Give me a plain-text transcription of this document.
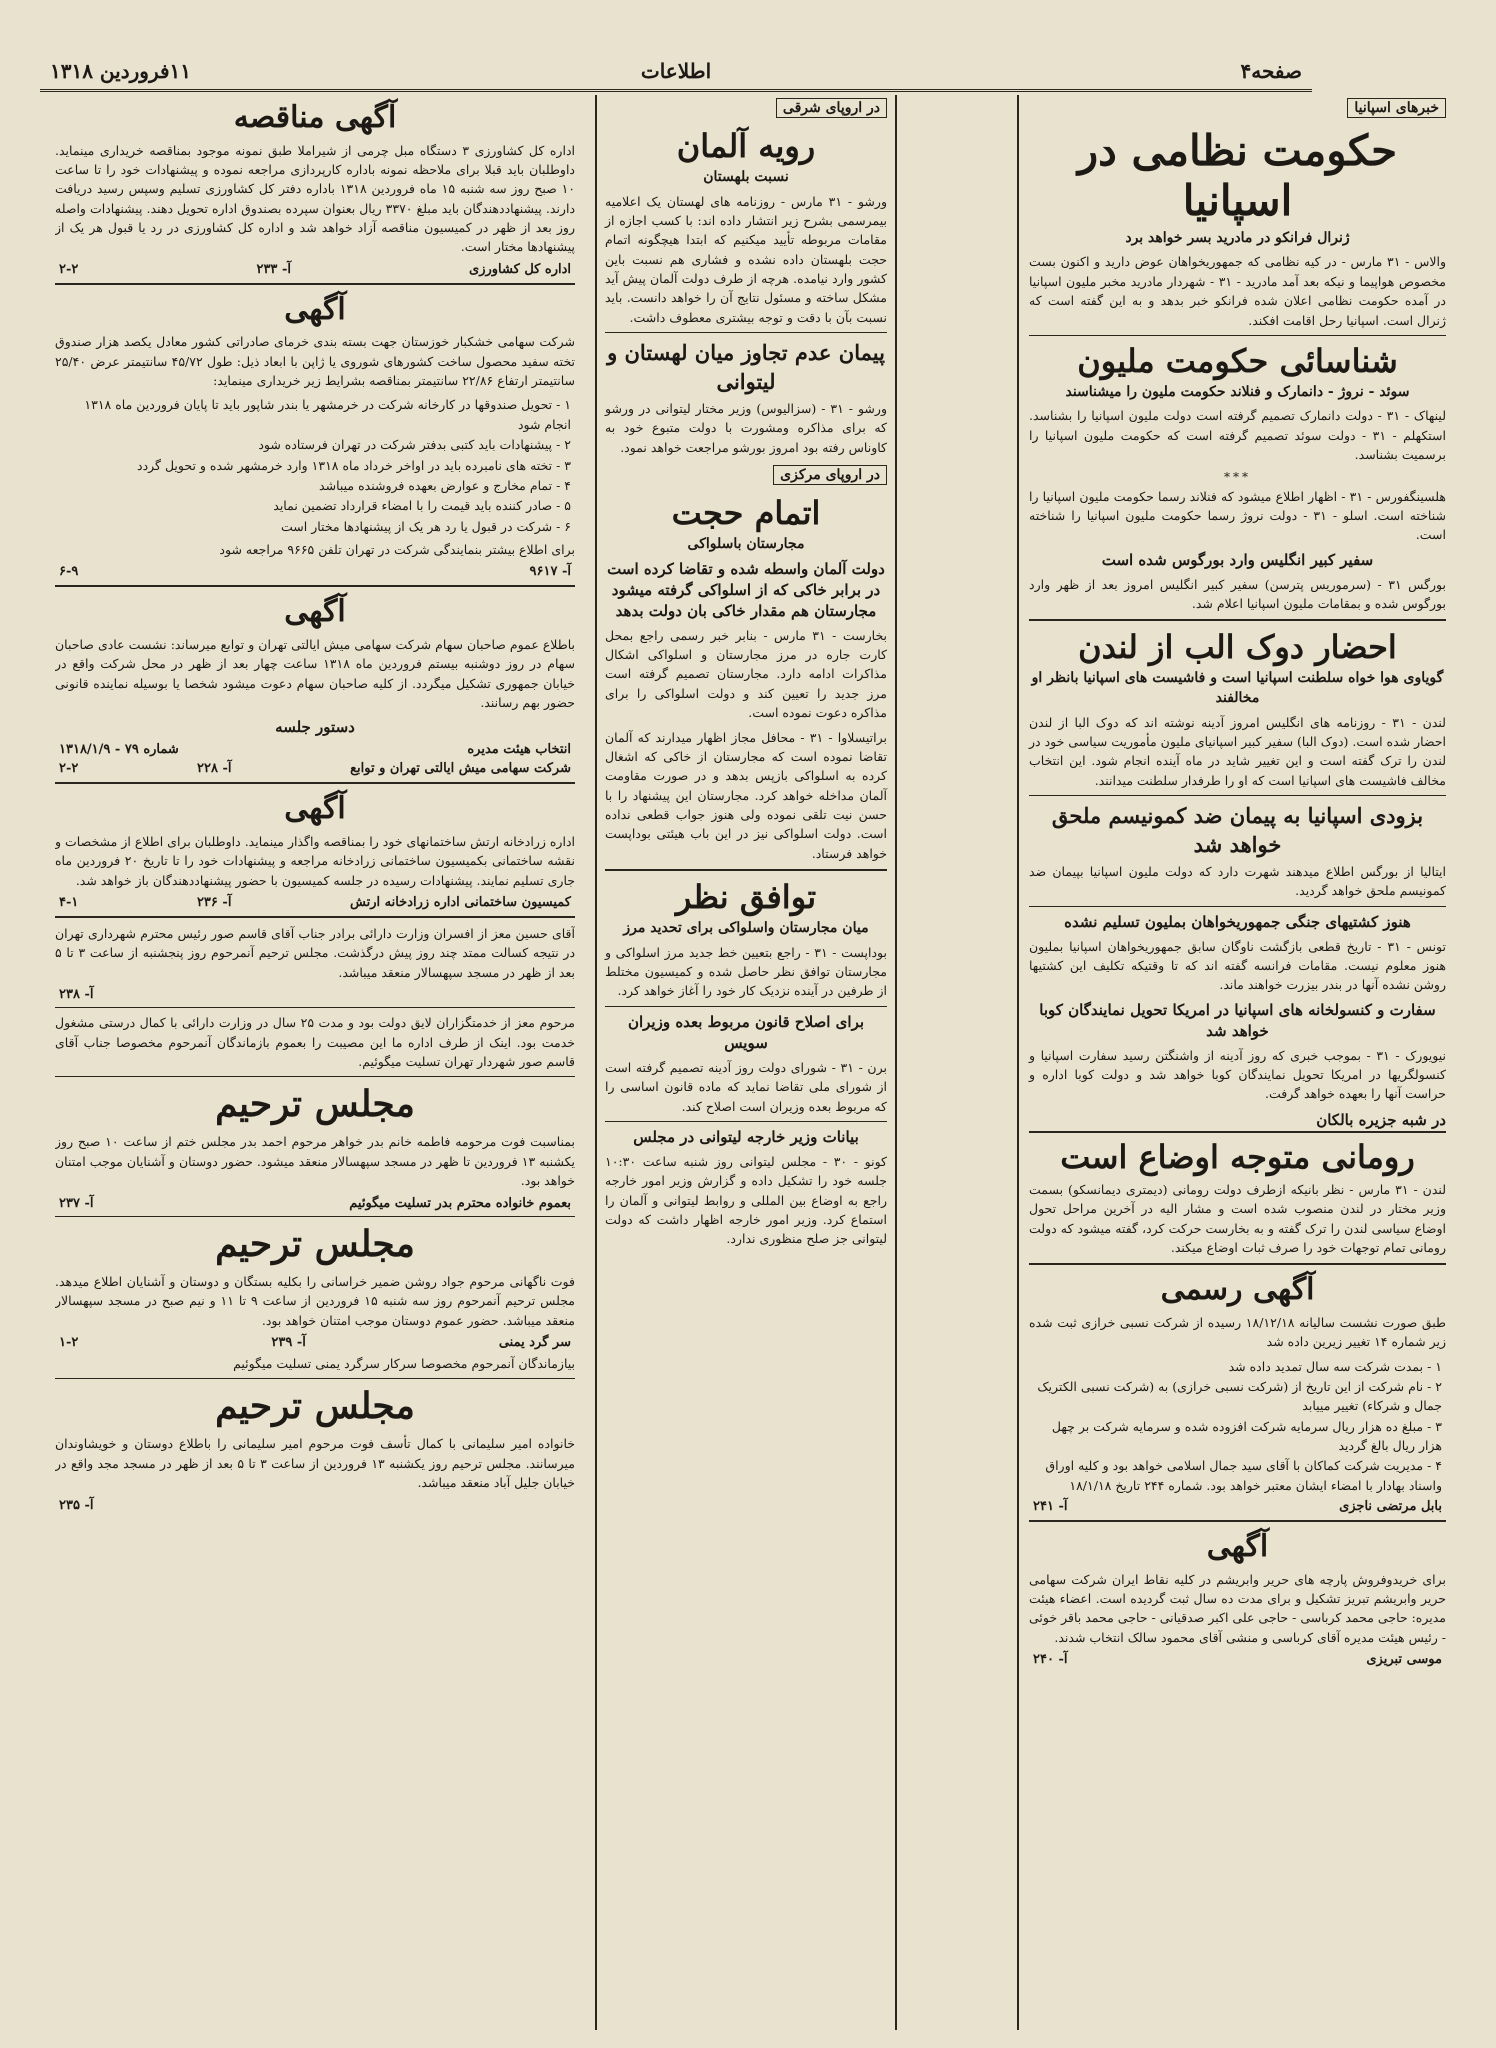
صفحه۴
اطلاعات
۱۱فروردین ۱۳۱۸
خبرهای اسپانیا
حکومت نظامی در اسپانیا
ژنرال فرانکو در مادرید بسر خواهد برد
والاس - ۳۱ مارس - در کیه نظامی که جمهوریخواهان عوض دارید و اکنون بست مخصوص هواپیما و نیکه بعد آمد مادرید - ۳۱ - شهردار مادرید مخبر ملیون اسپانیا در آمده حکومت نظامی اعلان شده فرانکو خبر بدهد و به این گفته است که ژنرال است. اسپانیا رحل اقامت افکند.
شناسائی حکومت ملیون
سوئد - نروژ - دانمارک و فنلاند حکومت ملیون را میشناسند
لینهاک - ۳۱ - دولت دانمارک تصمیم گرفته است دولت ملیون اسپانیا را بشناسد. استکهلم - ۳۱ - دولت سوئد تصمیم گرفته است که حکومت ملیون اسپانیا را برسمیت بشناسد.
***
هلسینگفورس - ۳۱ - اظهار اطلاع میشود که فنلاند رسما حکومت ملیون اسپانیا را شناخته است. اسلو - ۳۱ - دولت نروژ رسما حکومت ملیون اسپانیا را شناخته است.
سفیر کبیر انگلیس وارد بورگوس شده است
بورگس ۳۱ - (سرموریس پترسن) سفیر کبیر انگلیس امروز بعد از ظهر وارد بورگوس شده و بمقامات ملیون اسپانیا اعلام شد.
احضار دوک الب از لندن
گویاوی هوا خواه سلطنت اسپانیا است و فاشیست های اسپانیا بانظر او مخالفند
لندن - ۳۱ - روزنامه های انگلیس امروز آدینه نوشته اند که دوک البا از لندن احضار شده است. (دوک البا) سفیر کبیر اسپانیای ملیون مأموریت سیاسی خود در لندن را ترک گفته است و این تغییر شاید در ماه آینده انجام شود. این انتخاب مخالف فاشیست های اسپانیا است که او را طرفدار سلطنت میدانند.
بزودی اسپانیا به پیمان ضد کمونیسم ملحق خواهد شد
ایتالیا از بورگس اطلاع میدهند شهرت دارد که دولت ملیون اسپانیا بپیمان ضد کمونیسم ملحق خواهد گردید.
هنوز کشتیهای جنگی جمهوریخواهان بملیون تسلیم نشده
تونس - ۳۱ - تاریخ قطعی بازگشت ناوگان سابق جمهوریخواهان اسپانیا بملیون هنوز معلوم نیست. مقامات فرانسه گفته اند که تا وقتیکه تکلیف این کشتیها روشن نشده آنها در بندر بیزرت خواهند ماند.
سفارت و کنسولخانه های اسپانیا در امریکا تحویل نمایندگان کوبا خواهد شد
نیویورک - ۳۱ - بموجب خبری که روز آدینه از واشنگتن رسید سفارت اسپانیا و کنسولگریها در امریکا تحویل نمایندگان کوبا خواهد شد و دولت کوبا اداره و حراست آنها را بعهده خواهد گرفت.
در شبه جزیره بالکان
رومانی متوجه اوضاع است
لندن - ۳۱ مارس - نظر بانیکه ازطرف دولت رومانی (دیمتری دیمانسکو) بسمت وزیر مختار در لندن منصوب شده است و مشار الیه در آخرین مراحل تحول اوضاع سیاسی لندن را ترک گفته و به بخارست حرکت کرد، گفته میشود که دولت رومانی تمام توجهات خود را صرف ثبات اوضاع میکند.
آگهی رسمی
طبق صورت نشست سالیانه ۱۸/۱۲/۱۸ رسیده از شرکت نسبی خرازی ثبت شده زیر شماره ۱۴ تغییر زیرین داده شد
۱ - بمدت شرکت سه سال تمدید داده شد
۲ - نام شرکت از این تاریخ از (شرکت نسبی خرازی) به (شرکت نسبی الکتریک جمال و شرکاء) تغییر مییابد
۳ - مبلغ ده هزار ریال سرمایه شرکت افزوده شده و سرمایه شرکت بر چهل هزار ریال بالغ گردید
۴ - مدیریت شرکت کماکان با آقای سید جمال اسلامی خواهد بود و کلیه اوراق واسناد بهادار با امضاء ایشان معتبر خواهد بود. شماره ۲۴۴ تاریخ ۱۸/۱/۱۸
بابل مرتضی ناجزی
آ- ۲۴۱
آگهی
برای خریدوفروش پارچه های حریر وابریشم در کلیه نقاط ایران شرکت سهامی حریر وابریشم تبریز تشکیل و برای مدت ده سال ثبت گردیده است. اعضاء هیئت مدیره: حاجی محمد کرباسی - حاجی علی اکبر صدقیانی - حاجی محمد باقر خوئی - رئیس هیئت مدیره آقای کرباسی و منشی آقای محمود سالک انتخاب شدند.
موسی تبریزی
آ- ۲۴۰
در اروپای شرقی
رویه آلمان
نسبت بلهستان
ورشو - ۳۱ مارس - روزنامه های لهستان یک اعلامیه بیمرسمی بشرح زیر انتشار داده اند: با کسب اجازه از مقامات مربوطه تأیید میکنیم که ابتدا هیچگونه اتمام حجت بلهستان داده نشده و فشاری هم نسبت باین کشور وارد نیامده. هرچه از طرف دولت آلمان پیش آید مشکل ساخته و مسئول نتایج آن را خواهد دانست. باید نسبت بآن با دقت و توجه بیشتری معطوف داشت.
پیمان عدم تجاوز میان لهستان و لیتوانی
ورشو - ۳۱ - (سزالیوس) وزیر مختار لیتوانی در ورشو که برای مذاکره ومشورت با دولت متبوع خود به کاوناس رفته بود امروز بورشو مراجعت خواهد نمود.
در اروپای مرکزی
اتمام حجت
مجارستان باسلواکی
دولت آلمان واسطه شده و تقاضا کرده است در برابر خاکی که از اسلواکی گرفته میشود مجارستان هم مقدار خاکی بان دولت بدهد
بخارست - ۳۱ مارس - بنابر خبر رسمی راجع بمحل کارت جاره در مرز مجارستان و اسلواکی اشکال مذاکرات ادامه دارد. مجارستان تصمیم گرفته است مرز جدید را تعیین کند و دولت اسلواکی را برای مذاکره دعوت نموده است.
براتیسلاوا - ۳۱ - محافل مجاز اظهار میدارند که آلمان تقاضا نموده است که مجارستان از خاکی که اشغال کرده به اسلواکی بازپس بدهد و در صورت مقاومت آلمان مداخله خواهد کرد. مجارستان این پیشنهاد را با حسن نیت تلقی نموده ولی هنوز جواب قطعی نداده است. دولت اسلواکی نیز در این باب هیئتی بوداپست خواهد فرستاد.
توافق نظر
میان مجارستان واسلواکی برای تحدید مرز
بوداپست - ۳۱ - راجع بتعیین خط جدید مرز اسلواکی و مجارستان توافق نظر حاصل شده و کمیسیون مختلط از طرفین در آینده نزدیک کار خود را آغاز خواهد کرد.
برای اصلاح قانون مربوط بعده وزیران سویس
برن - ۳۱ - شورای دولت روز آدینه تصمیم گرفته است از شورای ملی تقاضا نماید که ماده قانون اساسی را که مربوط بعده وزیران است اصلاح کند.
بیانات وزیر خارجه لیتوانی در مجلس
کونو - ۳۰ - مجلس لیتوانی روز شنبه ساعت ۱۰:۳۰ جلسه خود را تشکیل داده و گزارش وزیر امور خارجه راجع به اوضاع بین المللی و روابط لیتوانی و آلمان را استماع کرد. وزیر امور خارجه اظهار داشت که دولت لیتوانی جز صلح منظوری ندارد.
آگهی مناقصه
اداره کل کشاورزی ۳ دستگاه مبل چرمی از شیراملا طبق نمونه موجود بمناقصه خریداری مینماید. داوطلبان باید قبلا برای ملاحظه نمونه باداره کارپردازی مراجعه نموده و پیشنهادات خود را تا ساعت ۱۰ صبح روز سه شنبه ۱۵ ماه فروردین ۱۳۱۸ باداره دفتر کل کشاورزی تسلیم وسپس رسید دریافت دارند. پیشنهاددهندگان باید مبلغ ۳۳۷۰ ریال بعنوان سپرده بصندوق اداره تحویل دهند. پیشنهادات واصله روز بعد از ظهر در کمیسیون مناقصه آزاد خواهد شد و اداره کل کشاورزی در رد یا قبول هر یک از پیشنهادها مختار است.
اداره کل کشاورزی
آ- ۲۳۳
۲-۲
آگهی
شرکت سهامی خشکبار خوزستان جهت بسته بندی خرمای صادراتی کشور معادل یکصد هزار صندوق تخته سفید محصول ساخت کشورهای شوروی یا ژاپن با ابعاد ذیل: طول ۴۵/۷۲ سانتیمتر عرض ۲۵/۴۰ سانتیمتر ارتفاع ۲۲/۸۶ سانتیمتر بمناقصه بشرایط زیر خریداری مینماید:
۱ - تحویل صندوقها در کارخانه شرکت در خرمشهر یا بندر شاپور باید تا پایان فروردین ماه ۱۳۱۸ انجام شود
۲ - پیشنهادات باید کتبی بدفتر شرکت در تهران فرستاده شود
۳ - تخته های نامبرده باید در اواخر خرداد ماه ۱۳۱۸ وارد خرمشهر شده و تحویل گردد
۴ - تمام مخارج و عوارض بعهده فروشنده میباشد
۵ - صادر کننده باید قیمت را با امضاء قرارداد تضمین نماید
۶ - شرکت در قبول یا رد هر یک از پیشنهادها مختار است
برای اطلاع بیشتر بنمایندگی شرکت در تهران تلفن ۹۶۶۵ مراجعه شود
آ- ۹۶۱۷
۶-۹
آگهی
باطلاع عموم صاحبان سهام شرکت سهامی میش ایالتی تهران و توابع میرساند: نشست عادی صاحبان سهام در روز دوشنبه بیستم فروردین ماه ۱۳۱۸ ساعت چهار بعد از ظهر در محل شرکت واقع در خیابان جمهوری تشکیل میگردد. از کلیه صاحبان سهام دعوت میشود شخصا یا بوسیله نماینده قانونی حضور بهم رسانند.
دستور جلسه
انتخاب هیئت مدیره
شماره ۷۹ - ۱۳۱۸/۱/۹
شرکت سهامی میش ایالتی تهران و توابع
آ- ۲۲۸
۲-۲
آگهی
اداره زرادخانه ارتش ساختمانهای خود را بمناقصه واگذار مینماید. داوطلبان برای اطلاع از مشخصات و نقشه ساختمانی بکمیسیون ساختمانی زرادخانه مراجعه و پیشنهادات خود را تا تاریخ ۲۰ فروردین ماه جاری تسلیم نمایند. پیشنهادات رسیده در جلسه کمیسیون با حضور پیشنهاددهندگان باز خواهد شد.
کمیسیون ساختمانی اداره زرادخانه ارتش
آ- ۲۳۶
۴-۱
آقای حسین معز از افسران وزارت دارائی برادر جناب آقای قاسم صور رئیس محترم شهرداری تهران در نتیجه کسالت ممتد چند روز پیش درگذشت. مجلس ترحیم آنمرحوم روز پنجشنبه از ساعت ۳ تا ۵ بعد از ظهر در مسجد سپهسالار منعقد میباشد.
آ- ۲۳۸
مرحوم معز از خدمتگزاران لایق دولت بود و مدت ۲۵ سال در وزارت دارائی با کمال درستی مشغول خدمت بود. اینک از طرف اداره ما این مصیبت را بعموم بازماندگان آنمرحوم مخصوصا جناب آقای قاسم صور شهردار تهران تسلیت میگوئیم.
مجلس ترحیم
بمناسبت فوت مرحومه فاطمه خانم بدر خواهر مرحوم احمد بدر مجلس ختم از ساعت ۱۰ صبح روز یکشنبه ۱۳ فروردین تا ظهر در مسجد سپهسالار منعقد میشود. حضور دوستان و آشنایان موجب امتنان خواهد بود.
بعموم خانواده محترم بدر تسلیت میگوئیم
آ- ۲۳۷
مجلس ترحیم
فوت ناگهانی مرحوم جواد روشن ضمیر خراسانی را بکلیه بستگان و دوستان و آشنایان اطلاع میدهد. مجلس ترحیم آنمرحوم روز سه شنبه ۱۵ فروردین از ساعت ۹ تا ۱۱ و نیم صبح در مسجد سپهسالار منعقد میباشد. حضور عموم دوستان موجب امتنان خواهد بود.
سر گرد یمنی
آ- ۲۳۹
۱-۲
بیازماندگان آنمرحوم مخصوصا سرکار سرگرد یمنی تسلیت میگوئیم
مجلس ترحیم
خانواده امیر سلیمانی با کمال تأسف فوت مرحوم امیر سلیمانی را باطلاع دوستان و خویشاوندان میرسانند. مجلس ترحیم روز یکشنبه ۱۳ فروردین از ساعت ۳ تا ۵ بعد از ظهر در مسجد مجد واقع در خیابان جلیل آباد منعقد میباشد.
آ- ۲۳۵
